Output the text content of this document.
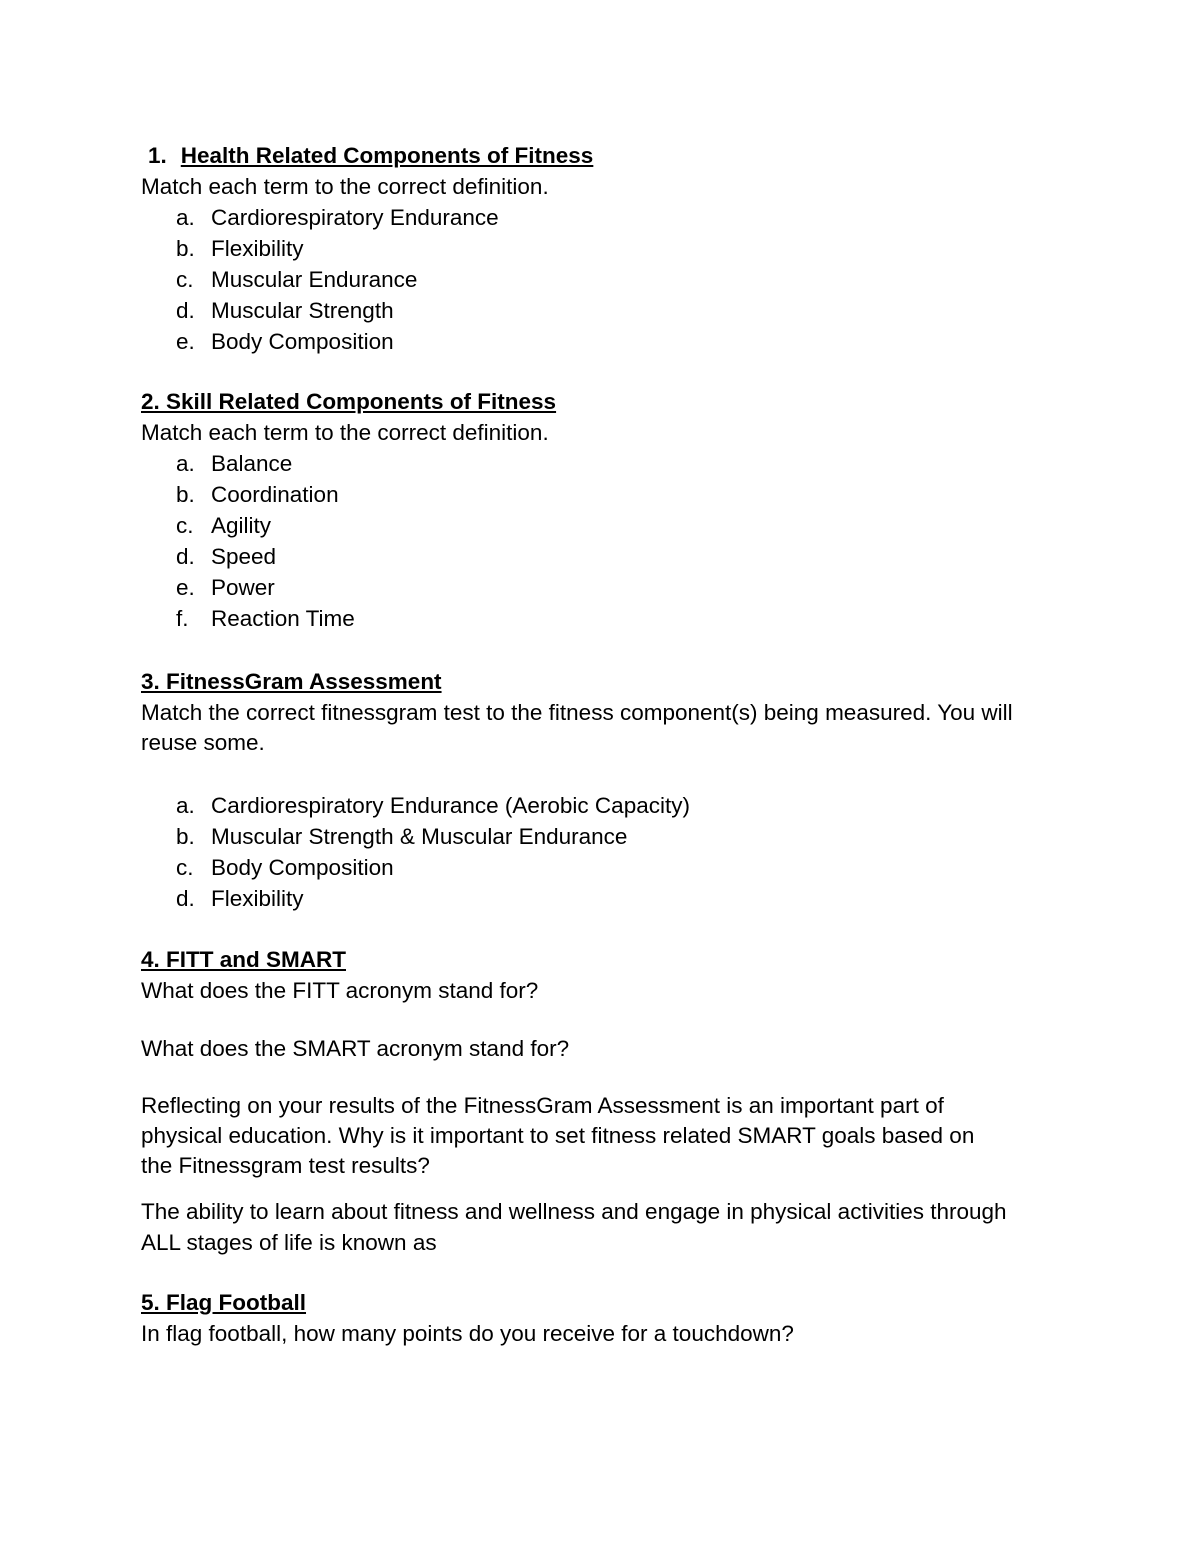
1. Health Related Components of Fitness
Match each term to the correct definition.
a. Cardiorespiratory Endurance
b. Flexibility
c. Muscular Endurance
d. Muscular Strength
e. Body Composition
2. Skill Related Components of Fitness
Match each term to the correct definition.
a. Balance
b. Coordination
c. Agility
d. Speed
e. Power
f. Reaction Time
3. FitnessGram Assessment
Match the correct fitnessgram test to the fitness component(s) being measured. You will reuse some.
a. Cardiorespiratory Endurance (Aerobic Capacity)
b. Muscular Strength & Muscular Endurance
c. Body Composition
d. Flexibility
4. FITT and SMART
What does the FITT acronym stand for?
What does the SMART acronym stand for?
Reflecting on your results of the FitnessGram Assessment is an important part of
physical education. Why is it important to set fitness related SMART goals based on
the Fitnessgram test results?
The ability to learn about fitness and wellness and engage in physical activities through
ALL stages of life is known as
5. Flag Football
In flag football, how many points do you receive for a touchdown?
